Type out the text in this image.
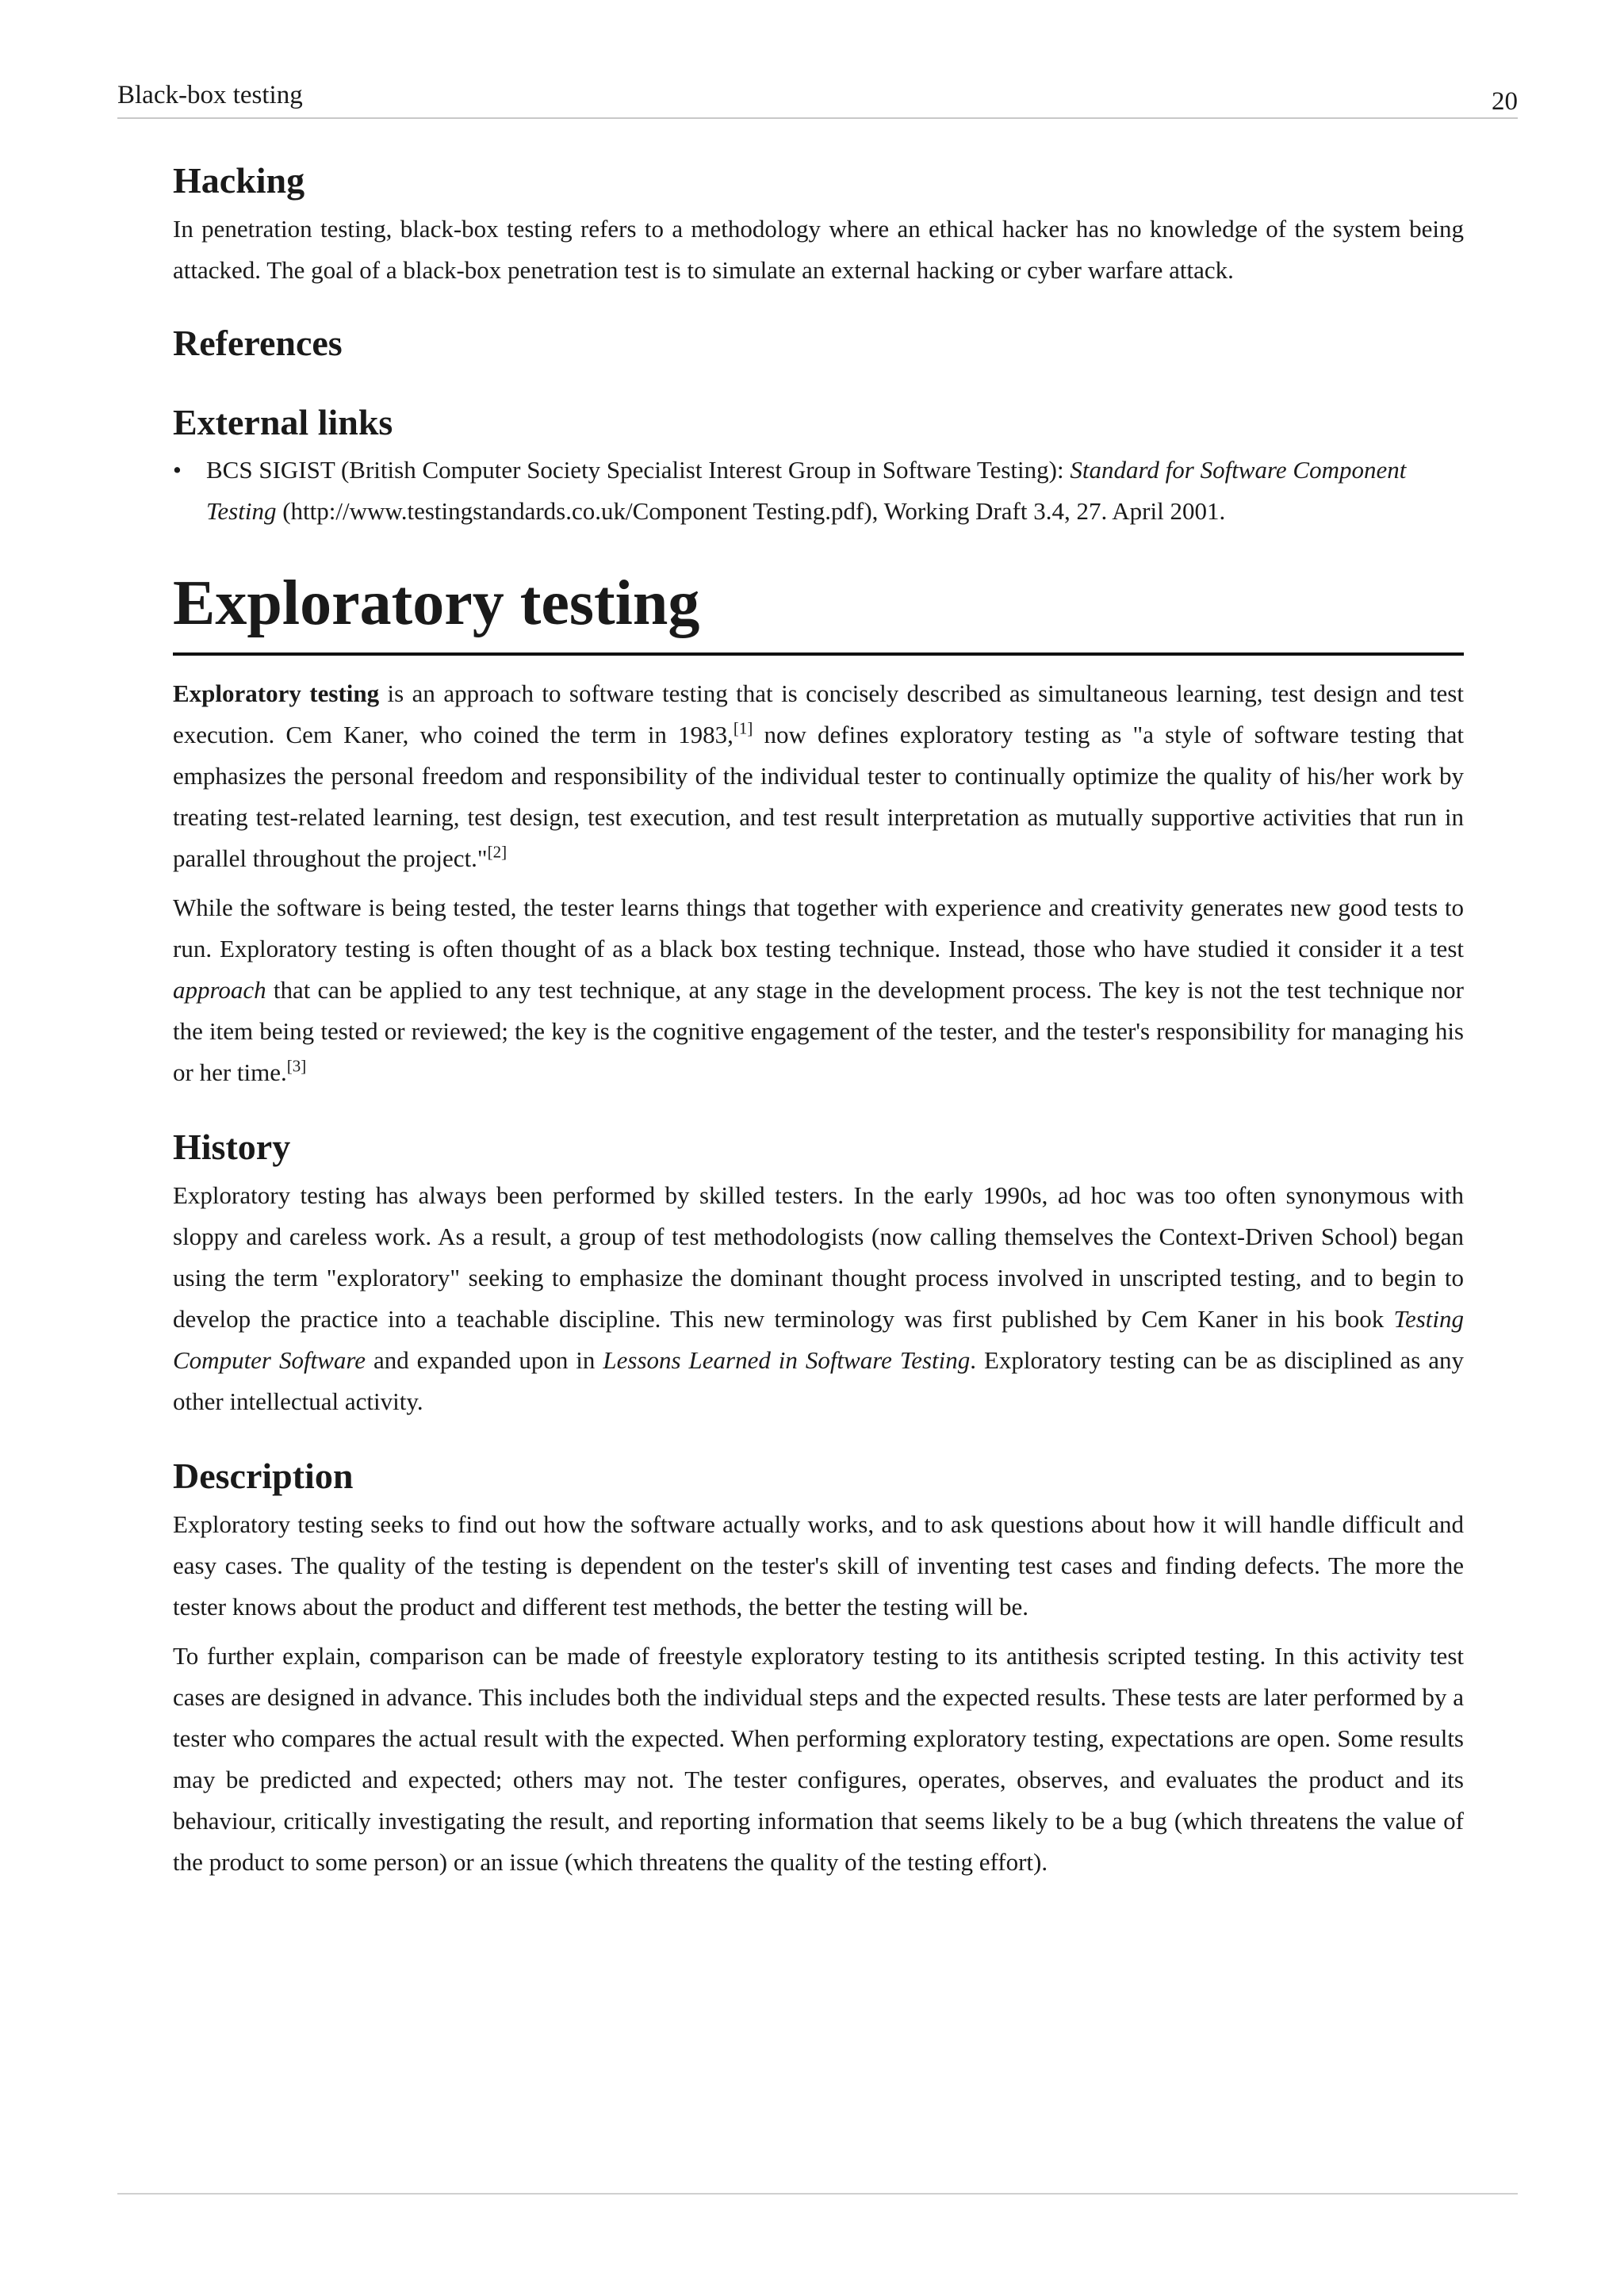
Black-box testing	20
Hacking

In penetration testing, black-box testing refers to a methodology where an ethical hacker has no knowledge of the system being attacked. The goal of a black-box penetration test is to simulate an external hacking or cyber warfare attack.

References
External links
• BCS SIGIST (British Computer Society Specialist Interest Group in Software Testing): Standard for Software Component Testing (http://www.testingstandards.co.uk/Component Testing.pdf), Working Draft 3.4, 27. April 2001.
Exploratory testing

Exploratory testing is an approach to software testing that is concisely described as simultaneous learning, test design and test execution. Cem Kaner, who coined the term in 1983,[1] now defines exploratory testing as "a style of software testing that emphasizes the personal freedom and responsibility of the individual tester to continually optimize the quality of his/her work by treating test-related learning, test design, test execution, and test result interpretation as mutually supportive activities that run in parallel throughout the project."[2]

While the software is being tested, the tester learns things that together with experience and creativity generates new good tests to run. Exploratory testing is often thought of as a black box testing technique. Instead, those who have studied it consider it a test approach that can be applied to any test technique, at any stage in the development process. The key is not the test technique nor the item being tested or reviewed; the key is the cognitive engagement of the tester, and the tester's responsibility for managing his or her time.[3]

History

Exploratory testing has always been performed by skilled testers. In the early 1990s, ad hoc was too often synonymous with sloppy and careless work. As a result, a group of test methodologists (now calling themselves the Context-Driven School) began using the term "exploratory" seeking to emphasize the dominant thought process involved in unscripted testing, and to begin to develop the practice into a teachable discipline. This new terminology was first published by Cem Kaner in his book Testing Computer Software and expanded upon in Lessons Learned in Software Testing. Exploratory testing can be as disciplined as any other intellectual activity.

Description

Exploratory testing seeks to find out how the software actually works, and to ask questions about how it will handle difficult and easy cases. The quality of the testing is dependent on the tester's skill of inventing test cases and finding defects. The more the tester knows about the product and different test methods, the better the testing will be.

To further explain, comparison can be made of freestyle exploratory testing to its antithesis scripted testing. In this activity test cases are designed in advance. This includes both the individual steps and the expected results. These tests are later performed by a tester who compares the actual result with the expected. When performing exploratory testing, expectations are open. Some results may be predicted and expected; others may not. The tester configures, operates, observes, and evaluates the product and its behaviour, critically investigating the result, and reporting information that seems likely to be a bug (which threatens the value of the product to some person) or an issue (which threatens the quality of the testing effort).
